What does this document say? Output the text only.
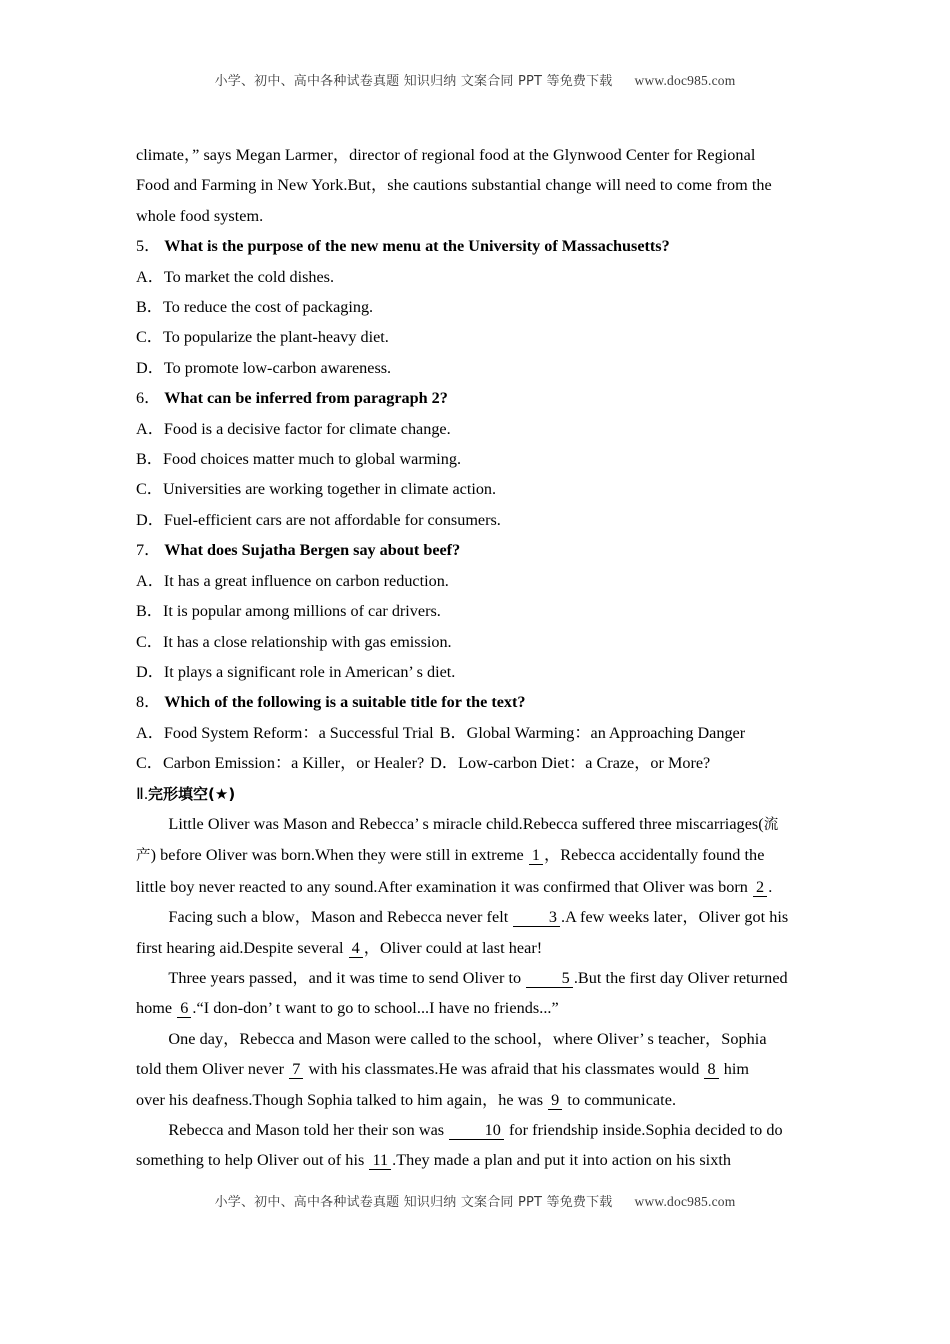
小学、初中、高中各种试卷真题 知识归纳 文案合同 PPT 等免费下载 www.doc985.com

climate，” says Megan Larmer，director of regional food at the Glynwood Center for Regional

Food and Farming in New York.But，she cautions substantial change will need to come from the

whole food system.

5． What is the purpose of the new menu at the University of Massachusetts?

A．To market the cold dishes.

B．To reduce the cost of packaging.

C．To popularize the plant-heavy diet.

D．To promote low-carbon awareness.

6． What can be inferred from paragraph 2?

A．Food is a decisive factor for climate change.

B．Food choices matter much to global warming.

C．Universities are working together in climate action.

D．Fuel-efficient cars are not affordable for consumers.

7． What does Sujatha Bergen say about beef?

A．It has a great influence on carbon reduction.

B．It is popular among millions of car drivers.

C．It has a close relationship with gas emission.

D．It plays a significant role in American’ s diet.

8． Which of the following is a suitable title for the text?

A．Food System Reform：a Successful Trial B．Global Warming：an Approaching Danger

C．Carbon Emission：a Killer，or Healer? D．Low-carbon Diet：a Craze，or More?

Ⅱ.完形填空(★)

Little Oliver was Mason and Rebecca’ s miracle child.Rebecca suffered three miscarriages(流

产) before Oliver was born.When they were still in extreme 1 ，Rebecca accidentally found the

little boy never reacted to any sound.After examination it was confirmed that Oliver was born 2 .

Facing such a blow，Mason and Rebecca never felt 3 .A few weeks later，Oliver got his

first hearing aid.Despite several 4 ，Oliver could at last hear!

Three years passed，and it was time to send Oliver to 5 .But the first day Oliver returned

home 6 .“I don-don’ t want to go to school...I have no friends...”

One day，Rebecca and Mason were called to the school，where Oliver’ s teacher，Sophia

told them Oliver never 7 with his classmates.He was afraid that his classmates would 8 him

over his deafness.Though Sophia talked to him again，he was 9 to communicate.

Rebecca and Mason told her their son was 10 for friendship inside.Sophia decided to do

something to help Oliver out of his 11 .They made a plan and put it into action on his sixth

小学、初中、高中各种试卷真题 知识归纳 文案合同 PPT 等免费下载 www.doc985.com
